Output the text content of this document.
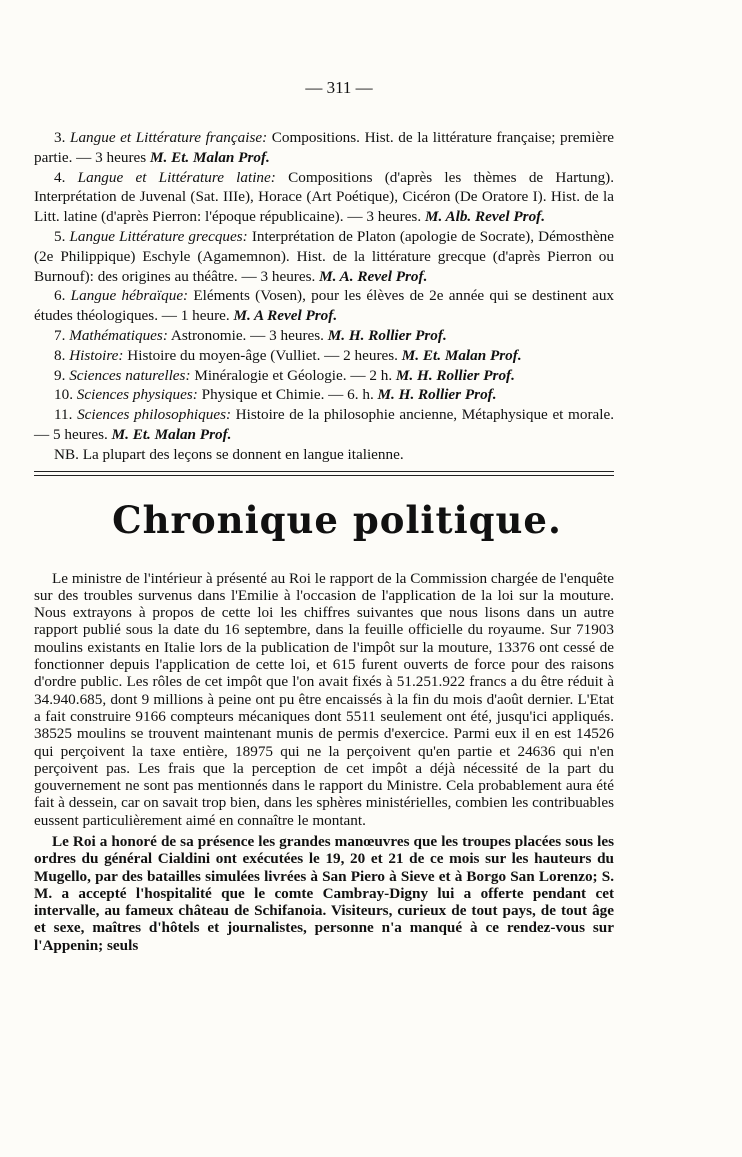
— 311 —

3. Langue et Littérature française: Compositions. Hist. de la littérature française; première partie. — 3 heures M. Et. Malan Prof.

4. Langue et Littérature latine: Compositions (d'après les thèmes de Hartung). Interprétation de Juvenal (Sat. IIIe), Horace (Art Poétique), Cicéron (De Oratore I). Hist. de la Litt. latine (d'après Pierron: l'époque républicaine). — 3 heures. M. Alb. Revel Prof.

5. Langue Littérature grecques: Interprétation de Platon (apologie de Socrate), Démosthène (2e Philippique) Eschyle (Agamemnon). Hist. de la littérature grecque (d'après Pierron ou Burnouf): des origines au théâtre. — 3 heures. M. A. Revel Prof.

6. Langue hébraïque: Eléments (Vosen), pour les élèves de 2e année qui se destinent aux études théologiques. — 1 heure. M. A Revel Prof.

7. Mathématiques: Astronomie. — 3 heures. M. H. Rollier Prof.

8. Histoire: Histoire du moyen-âge (Vulliet. — 2 heures. M. Et. Malan Prof.

9. Sciences naturelles: Minéralogie et Géologie. — 2 h. M. H. Rollier Prof.

10. Sciences physiques: Physique et Chimie. — 6. h. M. H. Rollier Prof.

11. Sciences philosophiques: Histoire de la philosophie ancienne, Métaphysique et morale. — 5 heures. M. Et. Malan Prof.

NB. La plupart des leçons se donnent en langue italienne.

Chronique politique.

Le ministre de l'intérieur à présenté au Roi le rapport de la Commission chargée de l'enquête sur des troubles survenus dans l'Emilie à l'occasion de l'application de la loi sur la mouture. Nous extrayons à propos de cette loi les chiffres suivantes que nous lisons dans un autre rapport publié sous la date du 16 septembre, dans la feuille officielle du royaume. Sur 71903 moulins existants en Italie lors de la publication de l'impôt sur la mouture, 13376 ont cessé de fonctionner depuis l'application de cette loi, et 615 furent ouverts de force pour des raisons d'ordre public. Les rôles de cet impôt que l'on avait fixés à 51.251.922 francs a du être réduit à 34.940.685, dont 9 millions à peine ont pu être encaissés à la fin du mois d'août dernier. L'Etat a fait construire 9166 compteurs mécaniques dont 5511 seulement ont été, jusqu'ici appliqués. 38525 moulins se trouvent maintenant munis de permis d'exercice. Parmi eux il en est 14526 qui perçoivent la taxe entière, 18975 qui ne la perçoivent qu'en partie et 24636 qui n'en perçoivent pas. Les frais que la perception de cet impôt a déjà nécessité de la part du gouvernement ne sont pas mentionnés dans le rapport du Ministre. Cela probablement aura été fait à dessein, car on savait trop bien, dans les sphères ministérielles, combien les contribuables eussent particulièrement aimé en connaître le montant.

Le Roi a honoré de sa présence les grandes manœuvres que les troupes placées sous les ordres du général Cialdini ont exécutées le 19, 20 et 21 de ce mois sur les hauteurs du Mugello, par des batailles simulées livrées à San Piero à Sieve et à Borgo San Lorenzo; S. M. a accepté l'hospitalité que le comte Cambray-Digny lui a offerte pendant cet intervalle, au fameux château de Schifanoia. Visiteurs, curieux de tout pays, de tout âge et sexe, maîtres d'hôtels et journalistes, personne n'a manqué à ce rendez-vous sur l'Appenin; seuls
